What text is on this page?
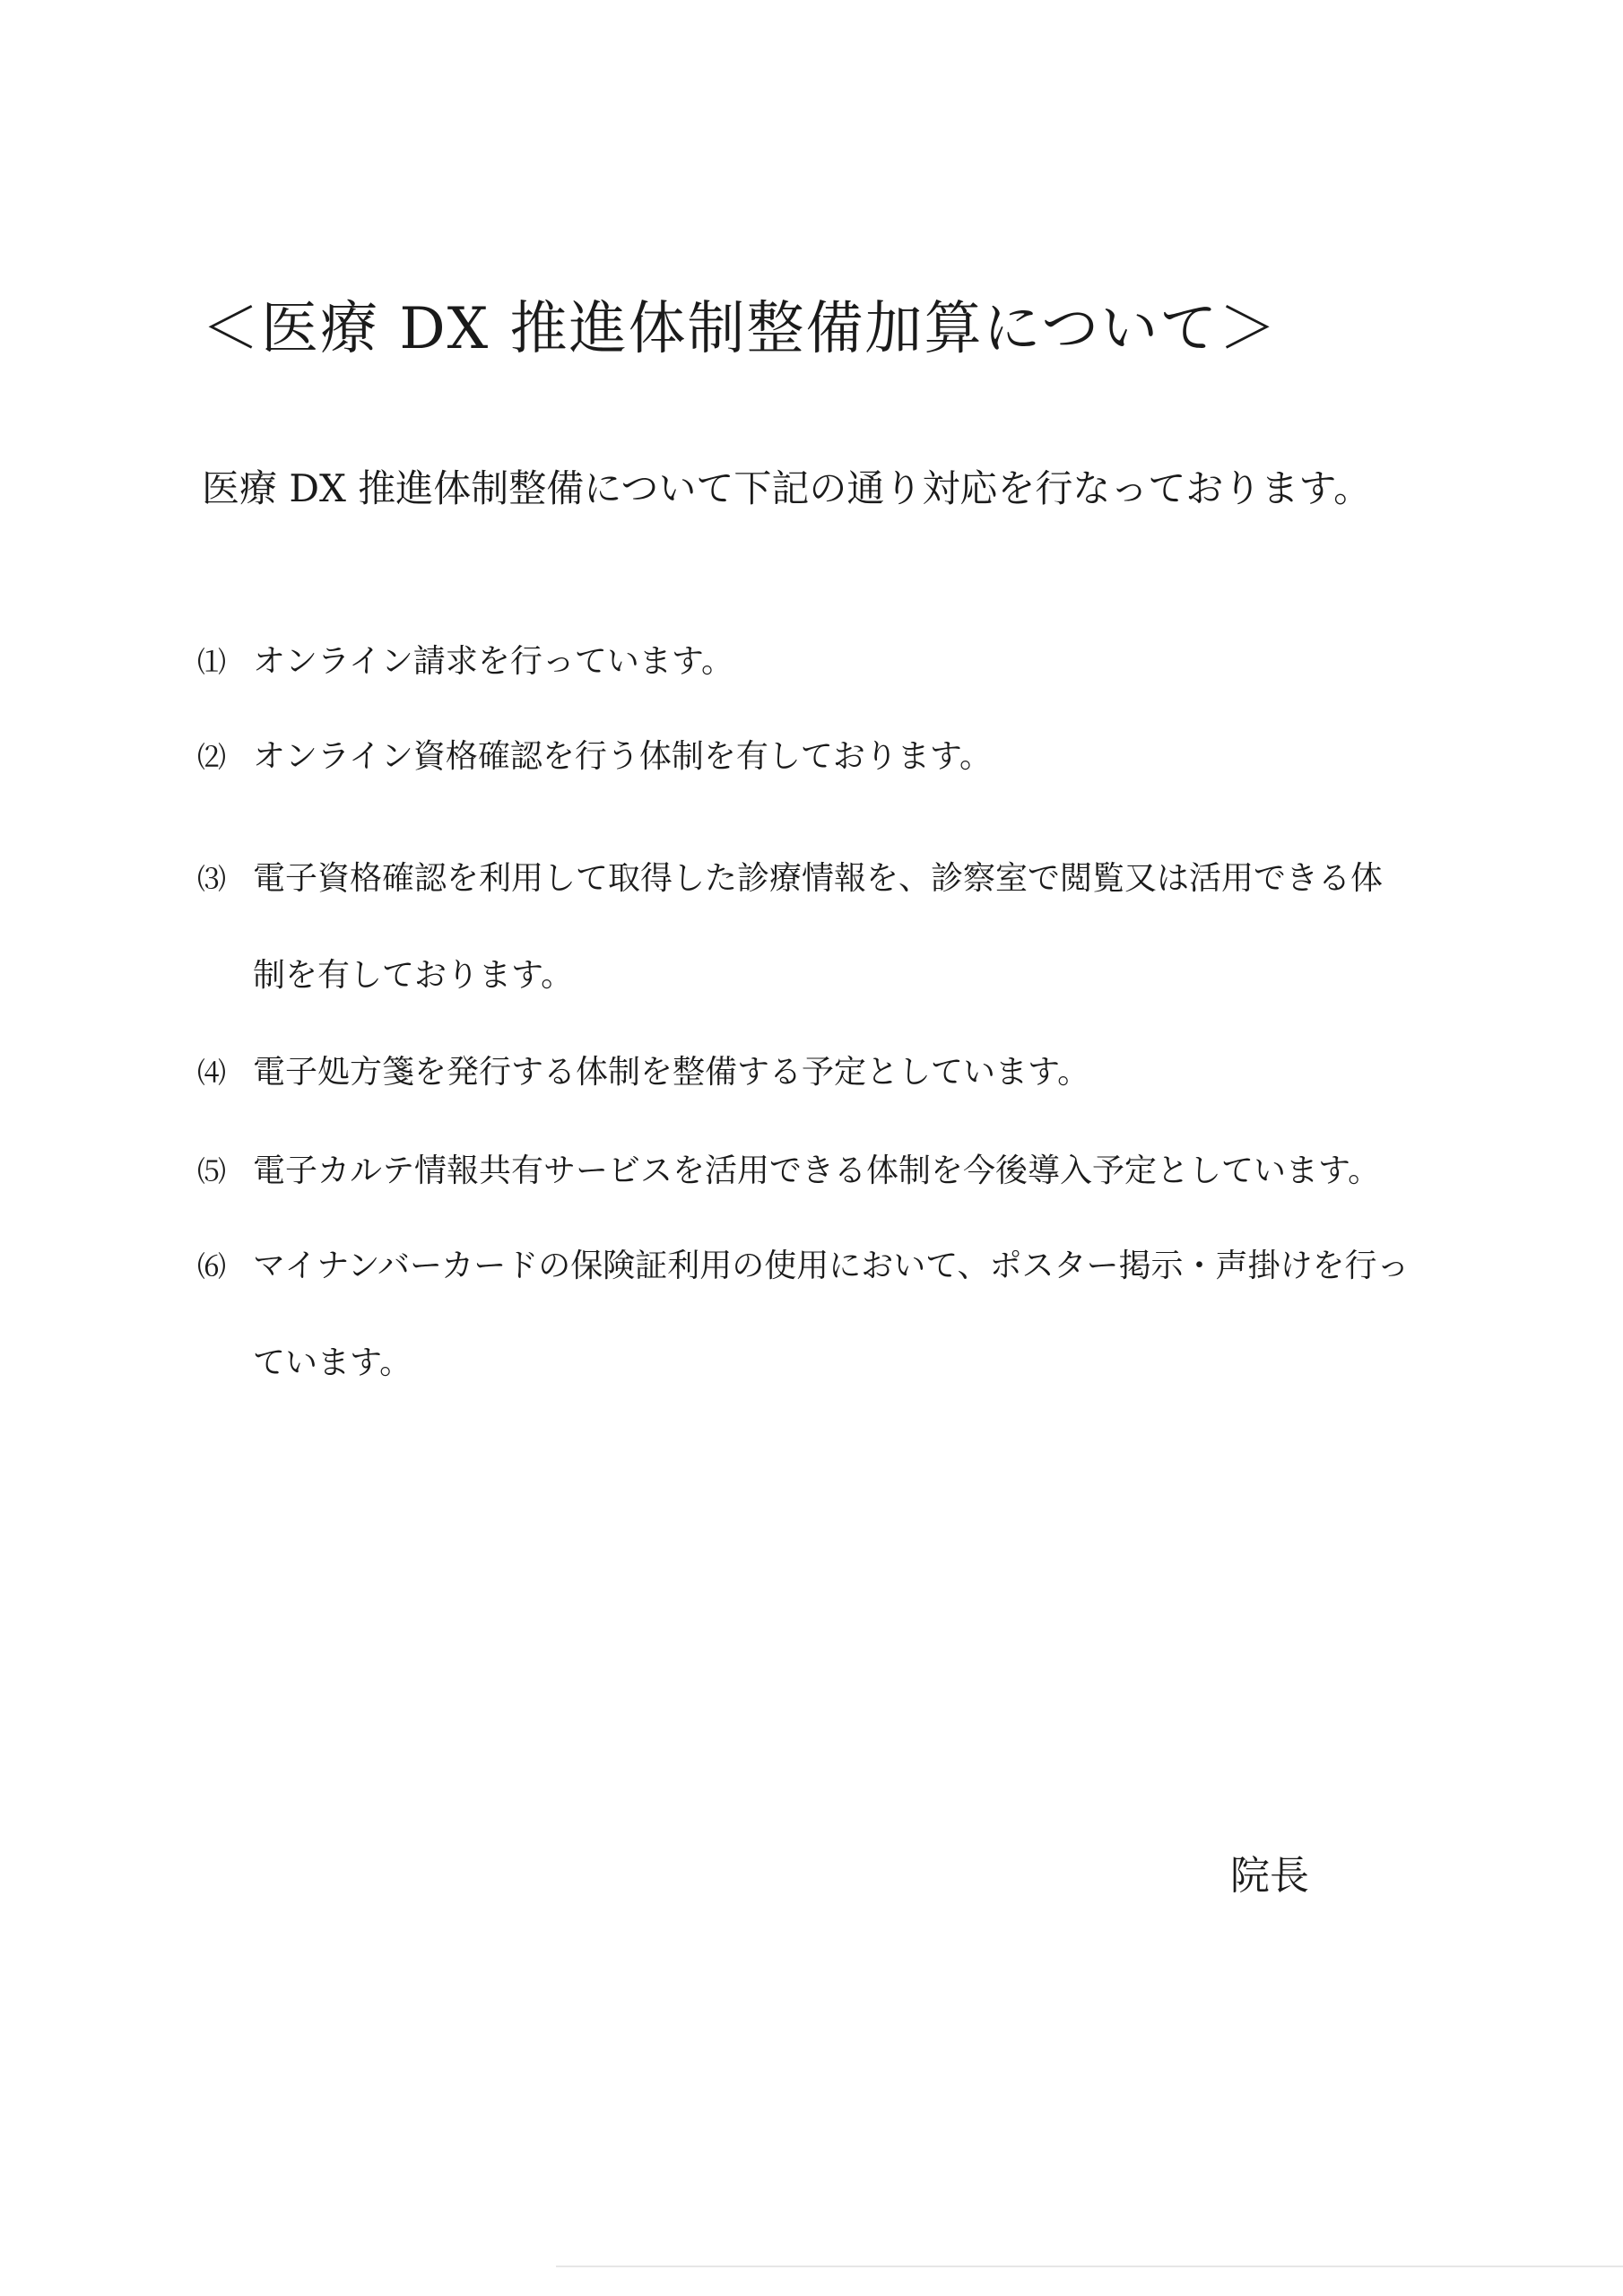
＜医療 DX 推進体制整備加算について＞
医療 DX 推進体制整備について下記の通り対応を行なっております。
⑴ オンライン請求を行っています。
⑵ オンライン資格確認を行う体制を有しております。
⑶ 電子資格確認を利用して取得した診療情報を、診察室で閲覧又は活用できる体
制を有しております。
⑷ 電子処方箋を発行する体制を整備する予定としています。
⑸ 電子カルテ情報共有サービスを活用できる体制を今後導入予定としています。
⑹ マイナンバーカードの保険証利用の使用において、ポスター掲示・声掛けを行っ
ています。
院長
